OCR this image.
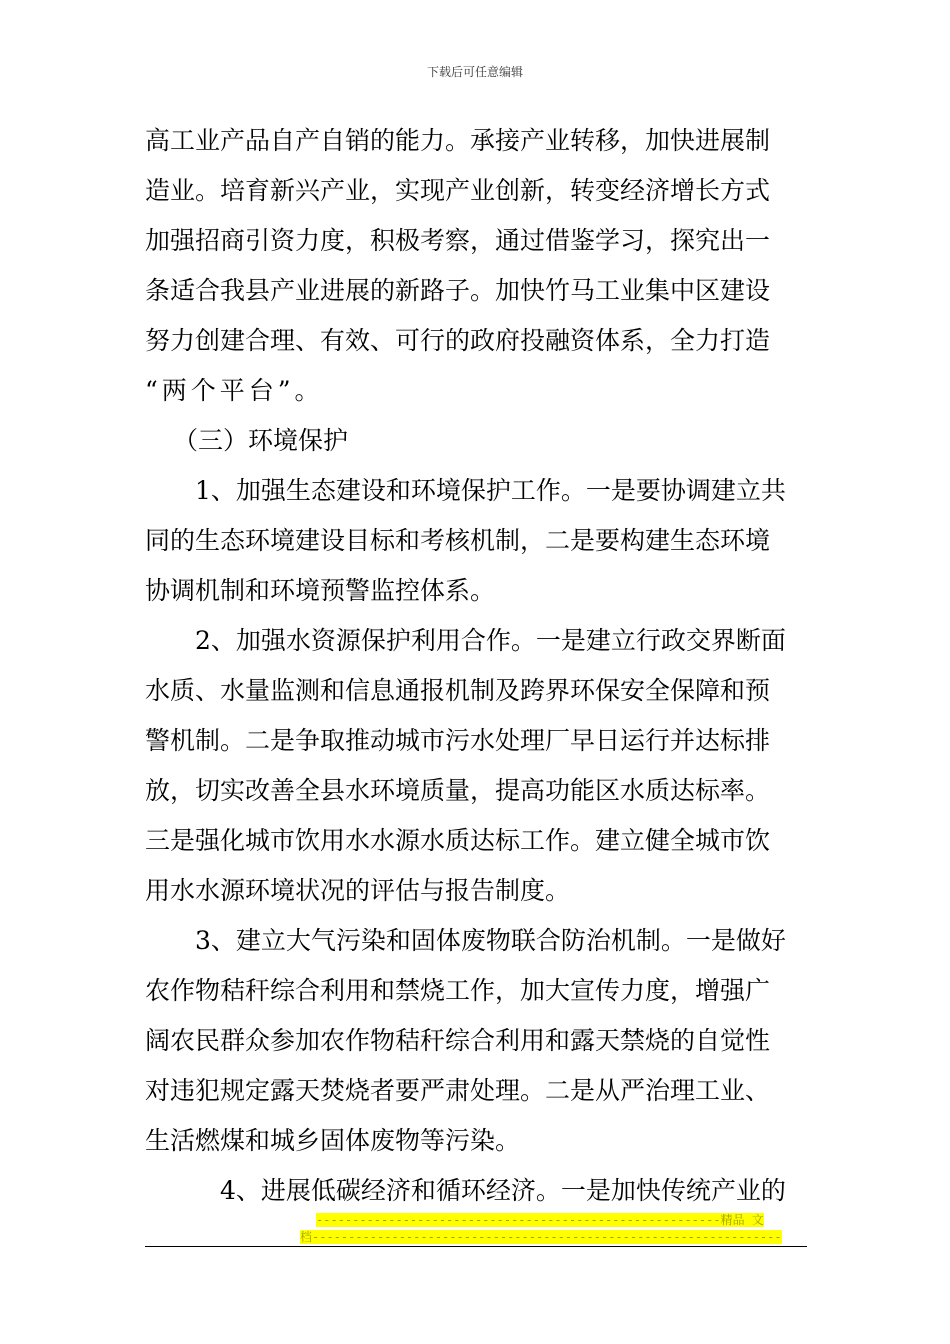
下载后可任意编辑
高工业产品自产自销的能力。承接产业转移，加快进展制
造业。培育新兴产业，实现产业创新，转变经济增长方式
加强招商引资力度，积极考察，通过借鉴学习，探究出一
条适合我县产业进展的新路子。加快竹马工业集中区建设
努力创建合理、有效、可行的政府投融资体系，全力打造
“两个平台”。
（三）环境保护
1、加强生态建设和环境保护工作。一是要协调建立共
同的生态环境建设目标和考核机制，二是要构建生态环境
协调机制和环境预警监控体系。
2、加强水资源保护利用合作。一是建立行政交界断面
水质、水量监测和信息通报机制及跨界环保安全保障和预
警机制。二是争取推动城市污水处理厂早日运行并达标排
放，切实改善全县水环境质量，提高功能区水质达标率。
三是强化城市饮用水水源水质达标工作。建立健全城市饮
用水水源环境状况的评估与报告制度。
3、建立大气污染和固体废物联合防治机制。一是做好
农作物秸秆综合利用和禁烧工作，加大宣传力度，增强广
阔农民群众参加农作物秸秆综合利用和露天禁烧的自觉性
对违犯规定露天焚烧者要严肃处理。二是从严治理工业、
生活燃煤和城乡固体废物等污染。
4、进展低碳经济和循环经济。一是加快传统产业的
--------------------------------------------------------精品 文
档-----------------------------------------------------------------
